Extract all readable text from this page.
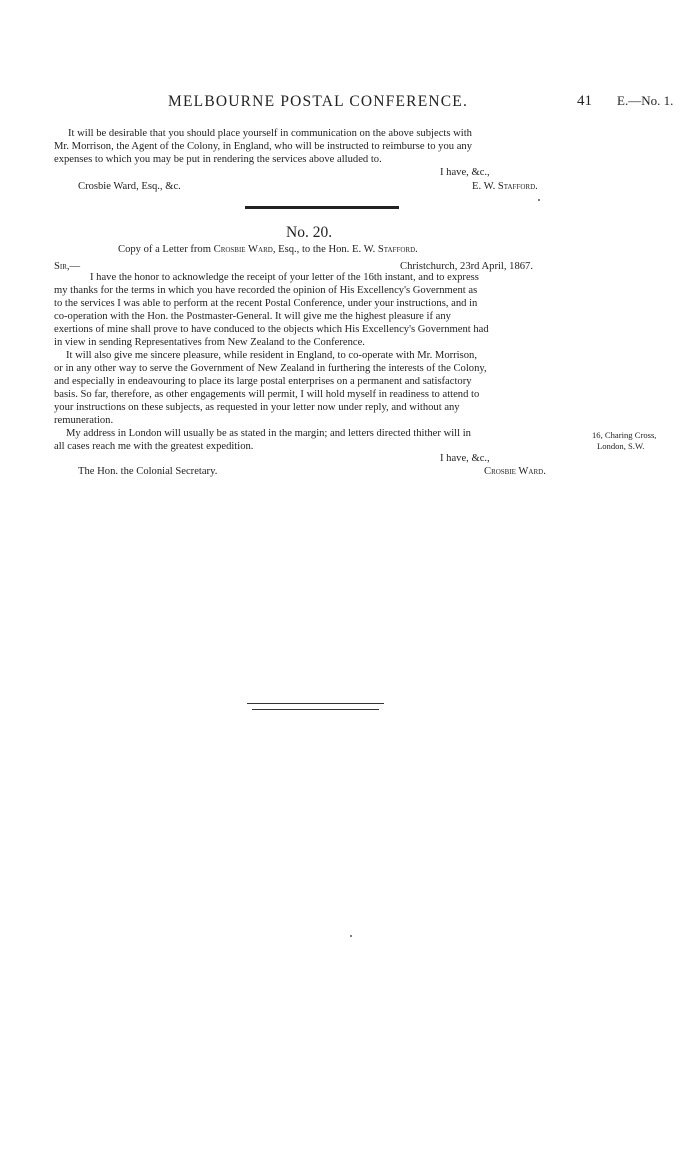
MELBOURNE POSTAL CONFERENCE.	41 E.—No. 1.
It will be desirable that you should place yourself in communication on the above subjects with
Mr. Morrison, the Agent of the Colony, in England, who will be instructed to reimburse to you any
expenses to which you may be put in rendering the services above alluded to.
I have, &c.,
Crosbie Ward, Esq., &c.	E. W. Stafford.
No. 20.
Copy of a Letter from Crosbie Ward, Esq., to the Hon. E. W. Stafford.
Sir,—	Christchurch, 23rd April, 1867.
I have the honor to acknowledge the receipt of your letter of the 16th instant, and to express
my thanks for the terms in which you have recorded the opinion of His Excellency's Government as
to the services I was able to perform at the recent Postal Conference, under your instructions, and in
co-operation with the Hon. the Postmaster-General. It will give me the highest pleasure if any
exertions of mine shall prove to have conduced to the objects which His Excellency's Government had
in view in sending Representatives from New Zealand to the Conference.
It will also give me sincere pleasure, while resident in England, to co-operate with Mr. Morrison,
or in any other way to serve the Government of New Zealand in furthering the interests of the Colony,
and especially in endeavouring to place its large postal enterprises on a permanent and satisfactory
basis. So far, therefore, as other engagements will permit, I will hold myself in readiness to attend to
your instructions on these subjects, as requested in your letter now under reply, and without any
remuneration.
My address in London will usually be as stated in the margin; and letters directed thither will in
all cases reach me with the greatest expedition.
16, Charing Cross,
London, S.W.
I have, &c.,
The Hon. the Colonial Secretary.	Crosbie Ward.
